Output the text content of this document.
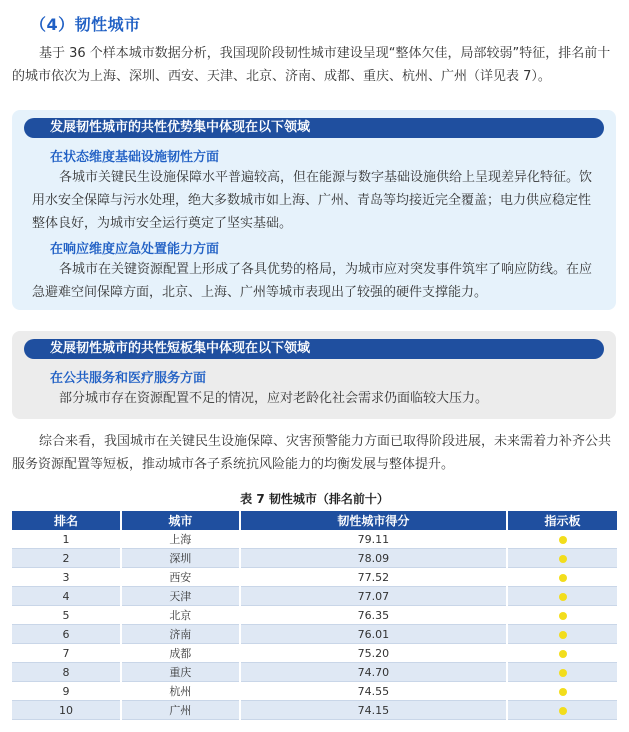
（4）韧性城市

基于 36 个样本城市数据分析，我国现阶段韧性城市建设呈现“整体欠佳，局部较弱”特征，排名前十的城市依次为上海、深圳、西安、天津、北京、济南、成都、重庆、杭州、广州（详见表 7）。

发展韧性城市的共性优势集中体现在以下领域
在状态维度基础设施韧性方面

各城市关键民生设施保障水平普遍较高，但在能源与数字基础设施供给上呈现差异化特征。饮用水安全保障与污水处理，绝大多数城市如上海、广州、青岛等均接近完全覆盖；电力供应稳定性整体良好，为城市安全运行奠定了坚实基础。

在响应维度应急处置能力方面

各城市在关键资源配置上形成了各具优势的格局，为城市应对突发事件筑牢了响应防线。在应急避难空间保障方面，北京、上海、广州等城市表现出了较强的硬件支撑能力。

发展韧性城市的共性短板集中体现在以下领域
在公共服务和医疗服务方面

部分城市存在资源配置不足的情况，应对老龄化社会需求仍面临较大压力。

综合来看，我国城市在关键民生设施保障、灾害预警能力方面已取得阶段进展，未来需着力补齐公共服务资源配置等短板，推动城市各子系统抗风险能力的均衡发展与整体提升。

表 7 韧性城市（排名前十）
排名	城市	韧性城市得分	指示板
1	上海	79.11	
2	深圳	78.09	
3	西安	77.52	
4	天津	77.07	
5	北京	76.35	
6	济南	76.01	
7	成都	75.20	
8	重庆	74.70	
9	杭州	74.55	
10	广州	74.15	
